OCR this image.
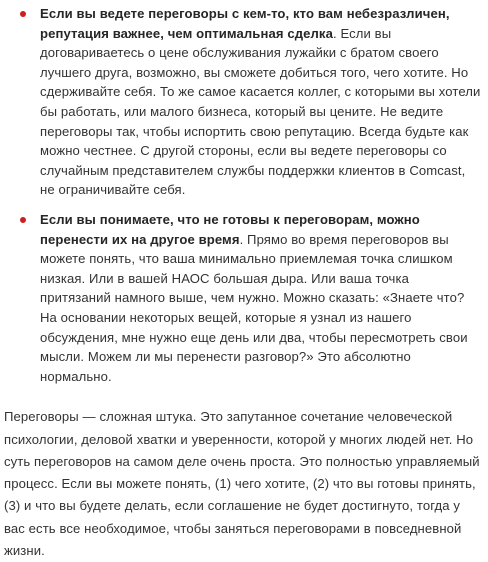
Если вы ведете переговоры с кем-то, кто вам небезразличен, репутация важнее, чем оптимальная сделка. Если вы договариваетесь о цене обслуживания лужайки с братом своего лучшего друга, возможно, вы сможете добиться того, чего хотите. Но сдерживайте себя. То же самое касается коллег, с которыми вы хотели бы работать, или малого бизнеса, который вы цените. Не ведите переговоры так, чтобы испортить свою репутацию. Всегда будьте как можно честнее. С другой стороны, если вы ведете переговоры со случайным представителем службы поддержки клиентов в Comcast, не ограничивайте себя.
Если вы понимаете, что не готовы к переговорам, можно перенести их на другое время. Прямо во время переговоров вы можете понять, что ваша минимально приемлемая точка слишком низкая. Или в вашей НАОС большая дыра. Или ваша точка притязаний намного выше, чем нужно. Можно сказать: «Знаете что? На основании некоторых вещей, которые я узнал из нашего обсуждения, мне нужно еще день или два, чтобы пересмотреть свои мысли. Можем ли мы перенести разговор?» Это абсолютно нормально.

Переговоры — сложная штука. Это запутанное сочетание человеческой психологии, деловой хватки и уверенности, которой у многих людей нет. Но суть переговоров на самом деле очень проста. Это полностью управляемый процесс. Если вы можете понять, (1) чего хотите, (2) что вы готовы принять, (3) и что вы будете делать, если соглашение не будет достигнуто, тогда у вас есть все необходимое, чтобы заняться переговорами в повседневной жизни.
